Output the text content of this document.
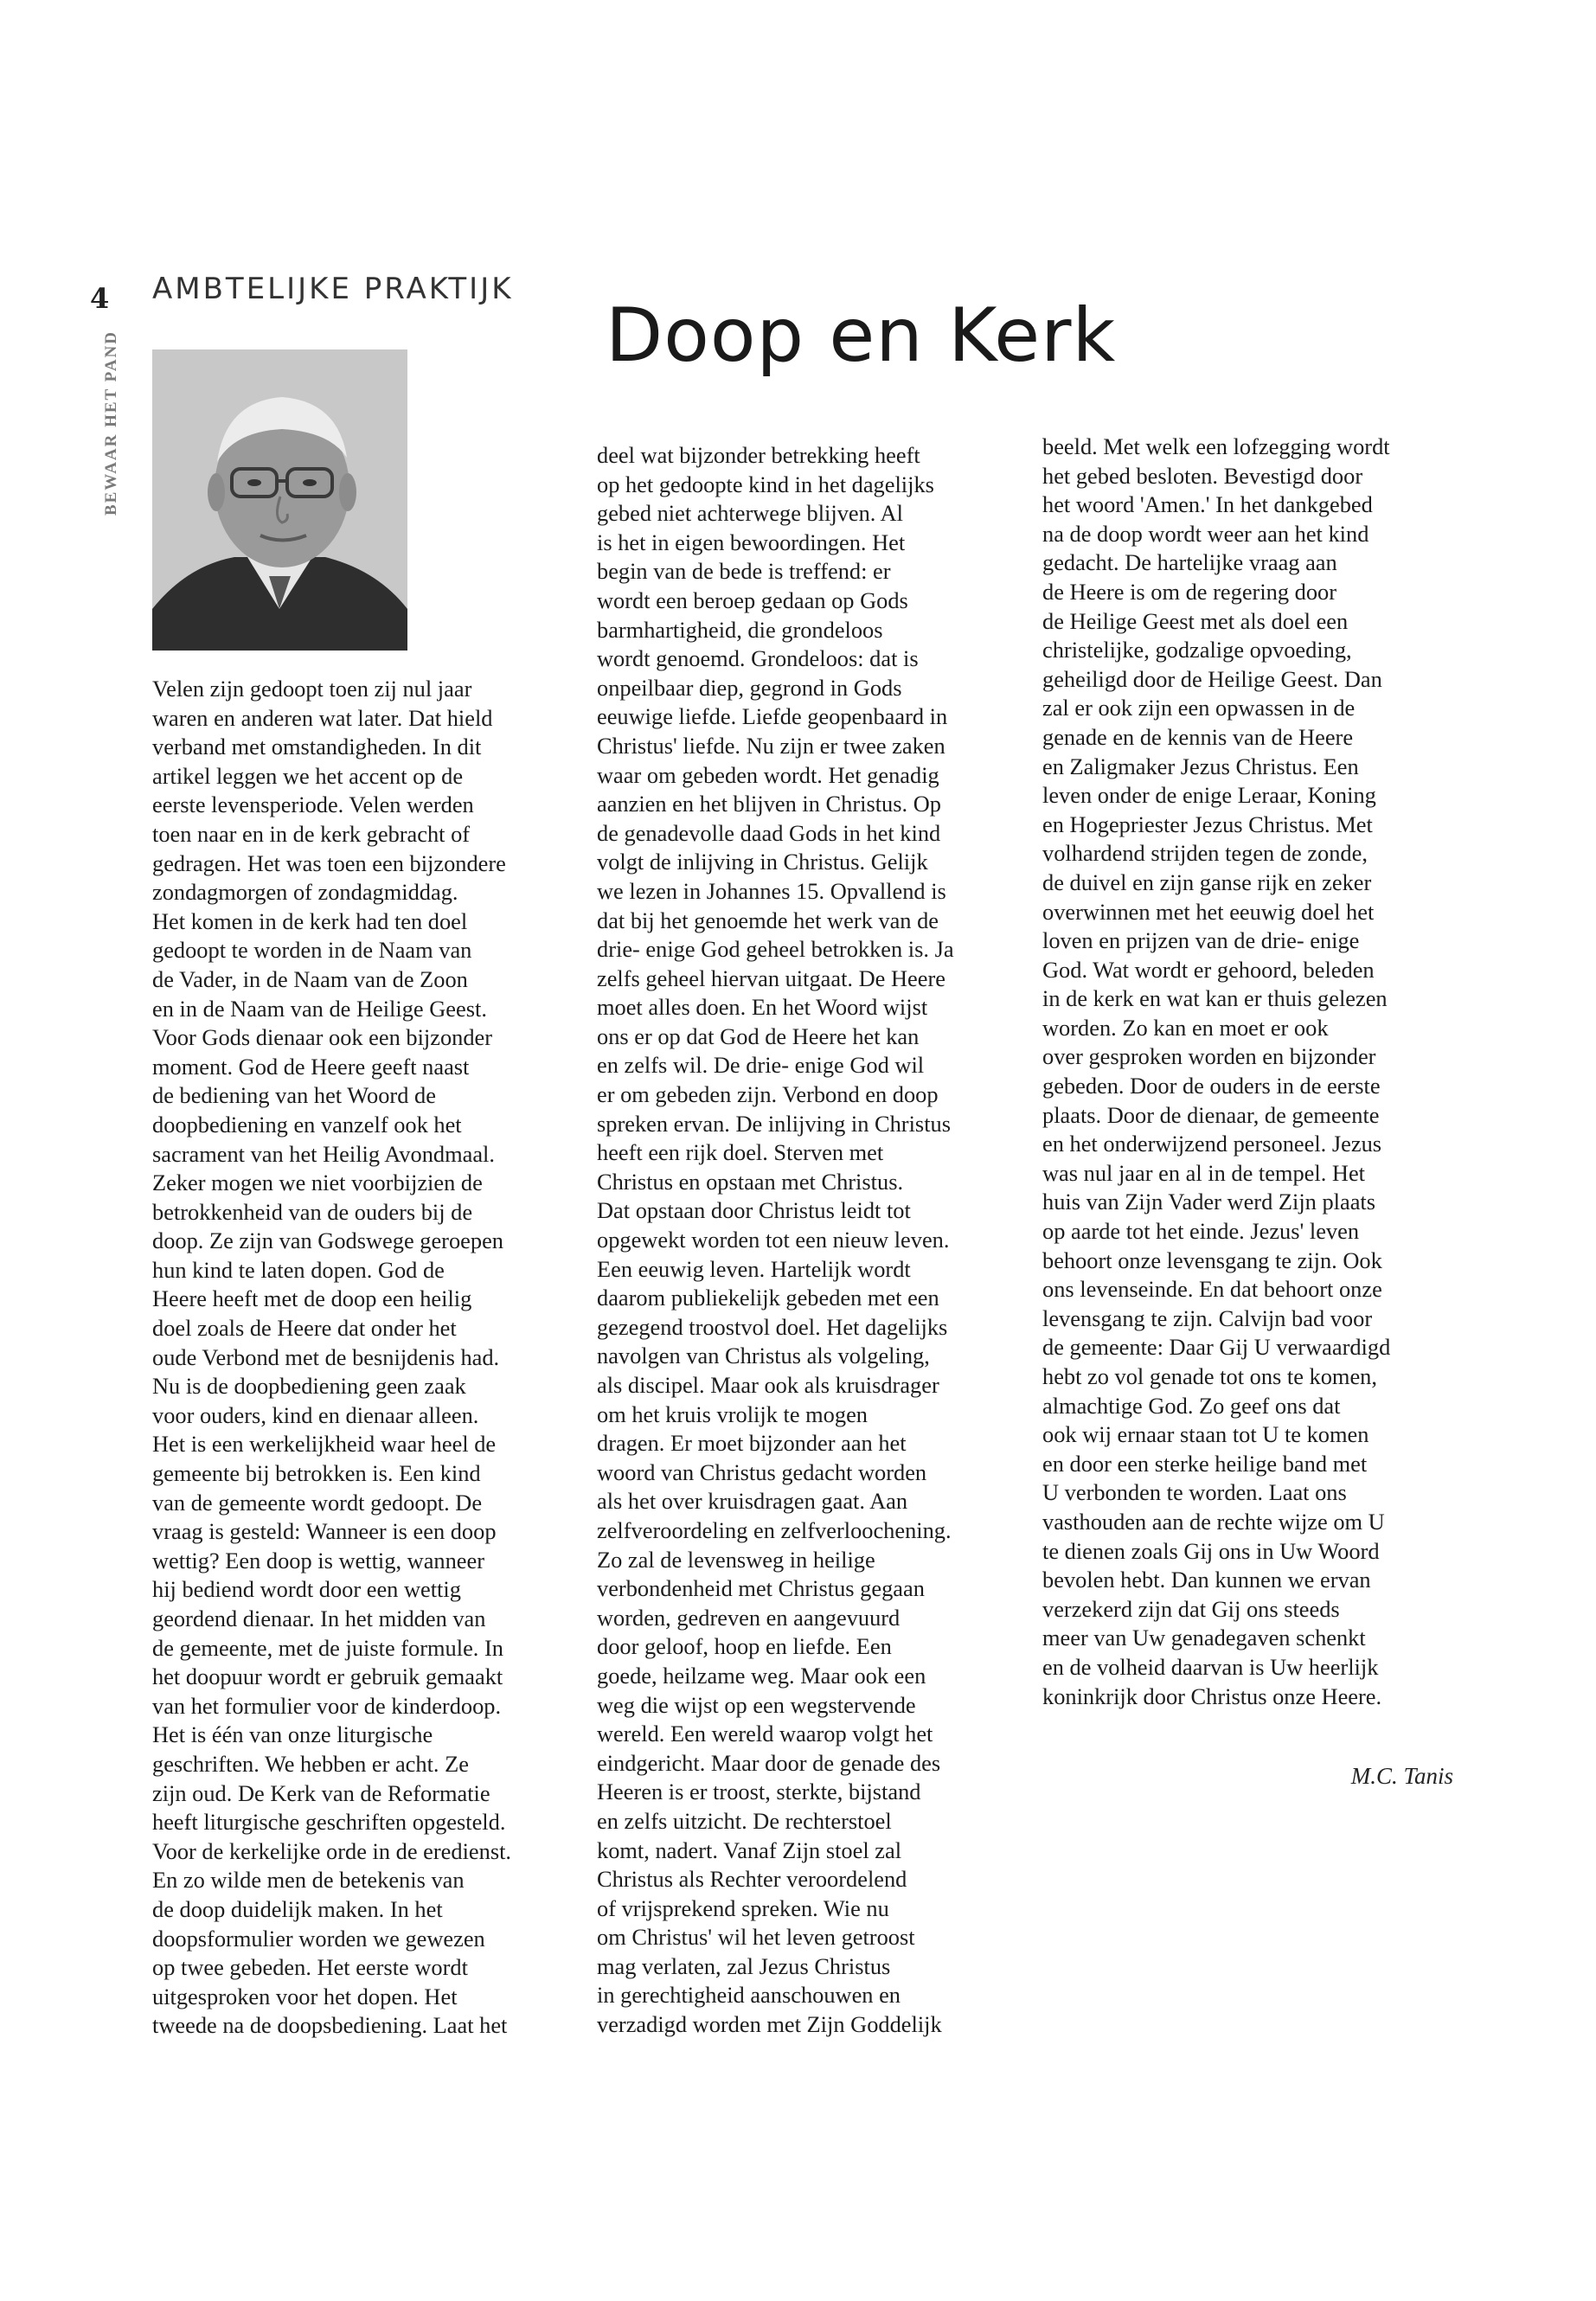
4
BEWAAR HET PAND
AMBTELIJKE PRAKTIJK
Doop en Kerk

Velen zijn gedoopt toen zij nul jaar

waren en anderen wat later. Dat hield

verband met omstandigheden. In dit

artikel leggen we het accent op de

eerste levensperiode. Velen werden

toen naar en in de kerk gebracht of

gedragen. Het was toen een bijzondere

zondagmorgen of zondagmiddag.

Het komen in de kerk had ten doel

gedoopt te worden in de Naam van

de Vader, in de Naam van de Zoon

en in de Naam van de Heilige Geest.

Voor Gods dienaar ook een bijzonder

moment. God de Heere geeft naast

de bediening van het Woord de

doopbediening en vanzelf ook het

sacrament van het Heilig Avondmaal.

Zeker mogen we niet voorbijzien de

betrokkenheid van de ouders bij de

doop. Ze zijn van Godswege geroepen

hun kind te laten dopen. God de

Heere heeft met de doop een heilig

doel zoals de Heere dat onder het

oude Verbond met de besnijdenis had.

Nu is de doopbediening geen zaak

voor ouders, kind en dienaar alleen.

Het is een werkelijkheid waar heel de

gemeente bij betrokken is. Een kind

van de gemeente wordt gedoopt. De

vraag is gesteld: Wanneer is een doop

wettig? Een doop is wettig, wanneer

hij bediend wordt door een wettig

geordend dienaar. In het midden van

de gemeente, met de juiste formule. In

het doopuur wordt er gebruik gemaakt

van het formulier voor de kinderdoop.

Het is één van onze liturgische

geschriften. We hebben er acht. Ze

zijn oud. De Kerk van de Reformatie

heeft liturgische geschriften opgesteld.

Voor de kerkelijke orde in de eredienst.

En zo wilde men de betekenis van

de doop duidelijk maken. In het

doopsformulier worden we gewezen

op twee gebeden. Het eerste wordt

uitgesproken voor het dopen. Het

tweede na de doopsbediening. Laat het

deel wat bijzonder betrekking heeft

op het gedoopte kind in het dagelijks

gebed niet achterwege blijven. Al

is het in eigen bewoordingen. Het

begin van de bede is treffend: er

wordt een beroep gedaan op Gods

barmhartigheid, die grondeloos

wordt genoemd. Grondeloos: dat is

onpeilbaar diep, gegrond in Gods

eeuwige liefde. Liefde geopenbaard in

Christus' liefde. Nu zijn er twee zaken

waar om gebeden wordt. Het genadig

aanzien en het blijven in Christus. Op

de genadevolle daad Gods in het kind

volgt de inlijving in Christus. Gelijk

we lezen in Johannes 15. Opvallend is

dat bij het genoemde het werk van de

drie- enige God geheel betrokken is. Ja

zelfs geheel hiervan uitgaat. De Heere

moet alles doen. En het Woord wijst

ons er op dat God de Heere het kan

en zelfs wil. De drie- enige God wil

er om gebeden zijn. Verbond en doop

spreken ervan. De inlijving in Christus

heeft een rijk doel. Sterven met

Christus en opstaan met Christus.

Dat opstaan door Christus leidt tot

opgewekt worden tot een nieuw leven.

Een eeuwig leven. Hartelijk wordt

daarom publiekelijk gebeden met een

gezegend troostvol doel. Het dagelijks

navolgen van Christus als volgeling,

als discipel. Maar ook als kruisdrager

om het kruis vrolijk te mogen

dragen. Er moet bijzonder aan het

woord van Christus gedacht worden

als het over kruisdragen gaat. Aan

zelfveroordeling en zelfverloochening.

Zo zal de levensweg in heilige

verbondenheid met Christus gegaan

worden, gedreven en aangevuurd

door geloof, hoop en liefde. Een

goede, heilzame weg. Maar ook een

weg die wijst op een wegstervende

wereld. Een wereld waarop volgt het

eindgericht. Maar door de genade des

Heeren is er troost, sterkte, bijstand

en zelfs uitzicht. De rechterstoel

komt, nadert. Vanaf Zijn stoel zal

Christus als Rechter veroordelend

of vrijsprekend spreken. Wie nu

om Christus' wil het leven getroost

mag verlaten, zal Jezus Christus

in gerechtigheid aanschouwen en

verzadigd worden met Zijn Goddelijk

beeld. Met welk een lofzegging wordt

het gebed besloten. Bevestigd door

het woord 'Amen.' In het dankgebed

na de doop wordt weer aan het kind

gedacht. De hartelijke vraag aan

de Heere is om de regering door

de Heilige Geest met als doel een

christelijke, godzalige opvoeding,

geheiligd door de Heilige Geest. Dan

zal er ook zijn een opwassen in de

genade en de kennis van de Heere

en Zaligmaker Jezus Christus. Een

leven onder de enige Leraar, Koning

en Hogepriester Jezus Christus. Met

volhardend strijden tegen de zonde,

de duivel en zijn ganse rijk en zeker

overwinnen met het eeuwig doel het

loven en prijzen van de drie- enige

God. Wat wordt er gehoord, beleden

in de kerk en wat kan er thuis gelezen

worden. Zo kan en moet er ook

over gesproken worden en bijzonder

gebeden. Door de ouders in de eerste

plaats. Door de dienaar, de gemeente

en het onderwijzend personeel. Jezus

was nul jaar en al in de tempel. Het

huis van Zijn Vader werd Zijn plaats

op aarde tot het einde. Jezus' leven

behoort onze levensgang te zijn. Ook

ons levenseinde. En dat behoort onze

levensgang te zijn. Calvijn bad voor

de gemeente: Daar Gij U verwaardigd

hebt zo vol genade tot ons te komen,

almachtige God. Zo geef ons dat

ook wij ernaar staan tot U te komen

en door een sterke heilige band met

U verbonden te worden. Laat ons

vasthouden aan de rechte wijze om U

te dienen zoals Gij ons in Uw Woord

bevolen hebt. Dan kunnen we ervan

verzekerd zijn dat Gij ons steeds

meer van Uw genadegaven schenkt

en de volheid daarvan is Uw heerlijk

koninkrijk door Christus onze Heere.

M.C. Tanis
